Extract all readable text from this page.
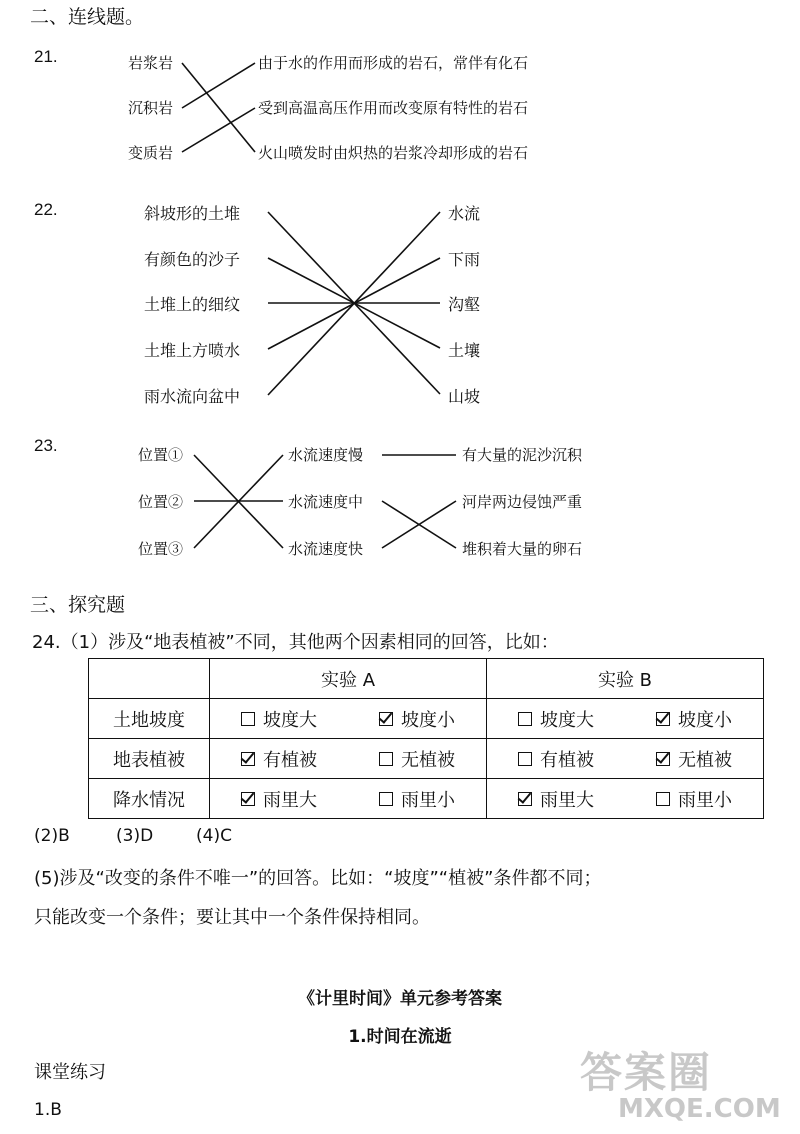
二、连线题。
21.	岩浆岩
沉积岩
变质岩
由于水的作用而形成的岩石，常伴有化石
受到高温高压作用而改变原有特性的岩石
火山喷发时由炽热的岩浆冷却形成的岩石
22.	斜坡形的土堆
有颜色的沙子
土堆上的细纹
土堆上方喷水
雨水流向盆中
水流
下雨
沟壑
土壤
山坡
23.	位置①
位置②
位置③
水流速度慢
水流速度中
水流速度快
有大量的泥沙沉积
河岸两边侵蚀严重
堆积着大量的卵石
三、探究题
24.（1）涉及“地表植被”不同，其他两个因素相同的回答，比如：
	实验 A	实验 B
土地坡度	坡度大 坡度小	坡度大 坡度小

地表植被	有植被 无植被	有植被 无植被

降水情况	雨里大 雨里小	雨里大 雨里小
(2)B	(3)D	(4)C
(5)涉及“改变的条件不唯一”的回答。比如：“坡度”“植被”条件都不同；
只能改变一个条件；要让其中一个条件保持相同。
《计里时间》单元参考答案
1.时间在流逝
课堂练习
1.B
答案圈
MXQE.COM
